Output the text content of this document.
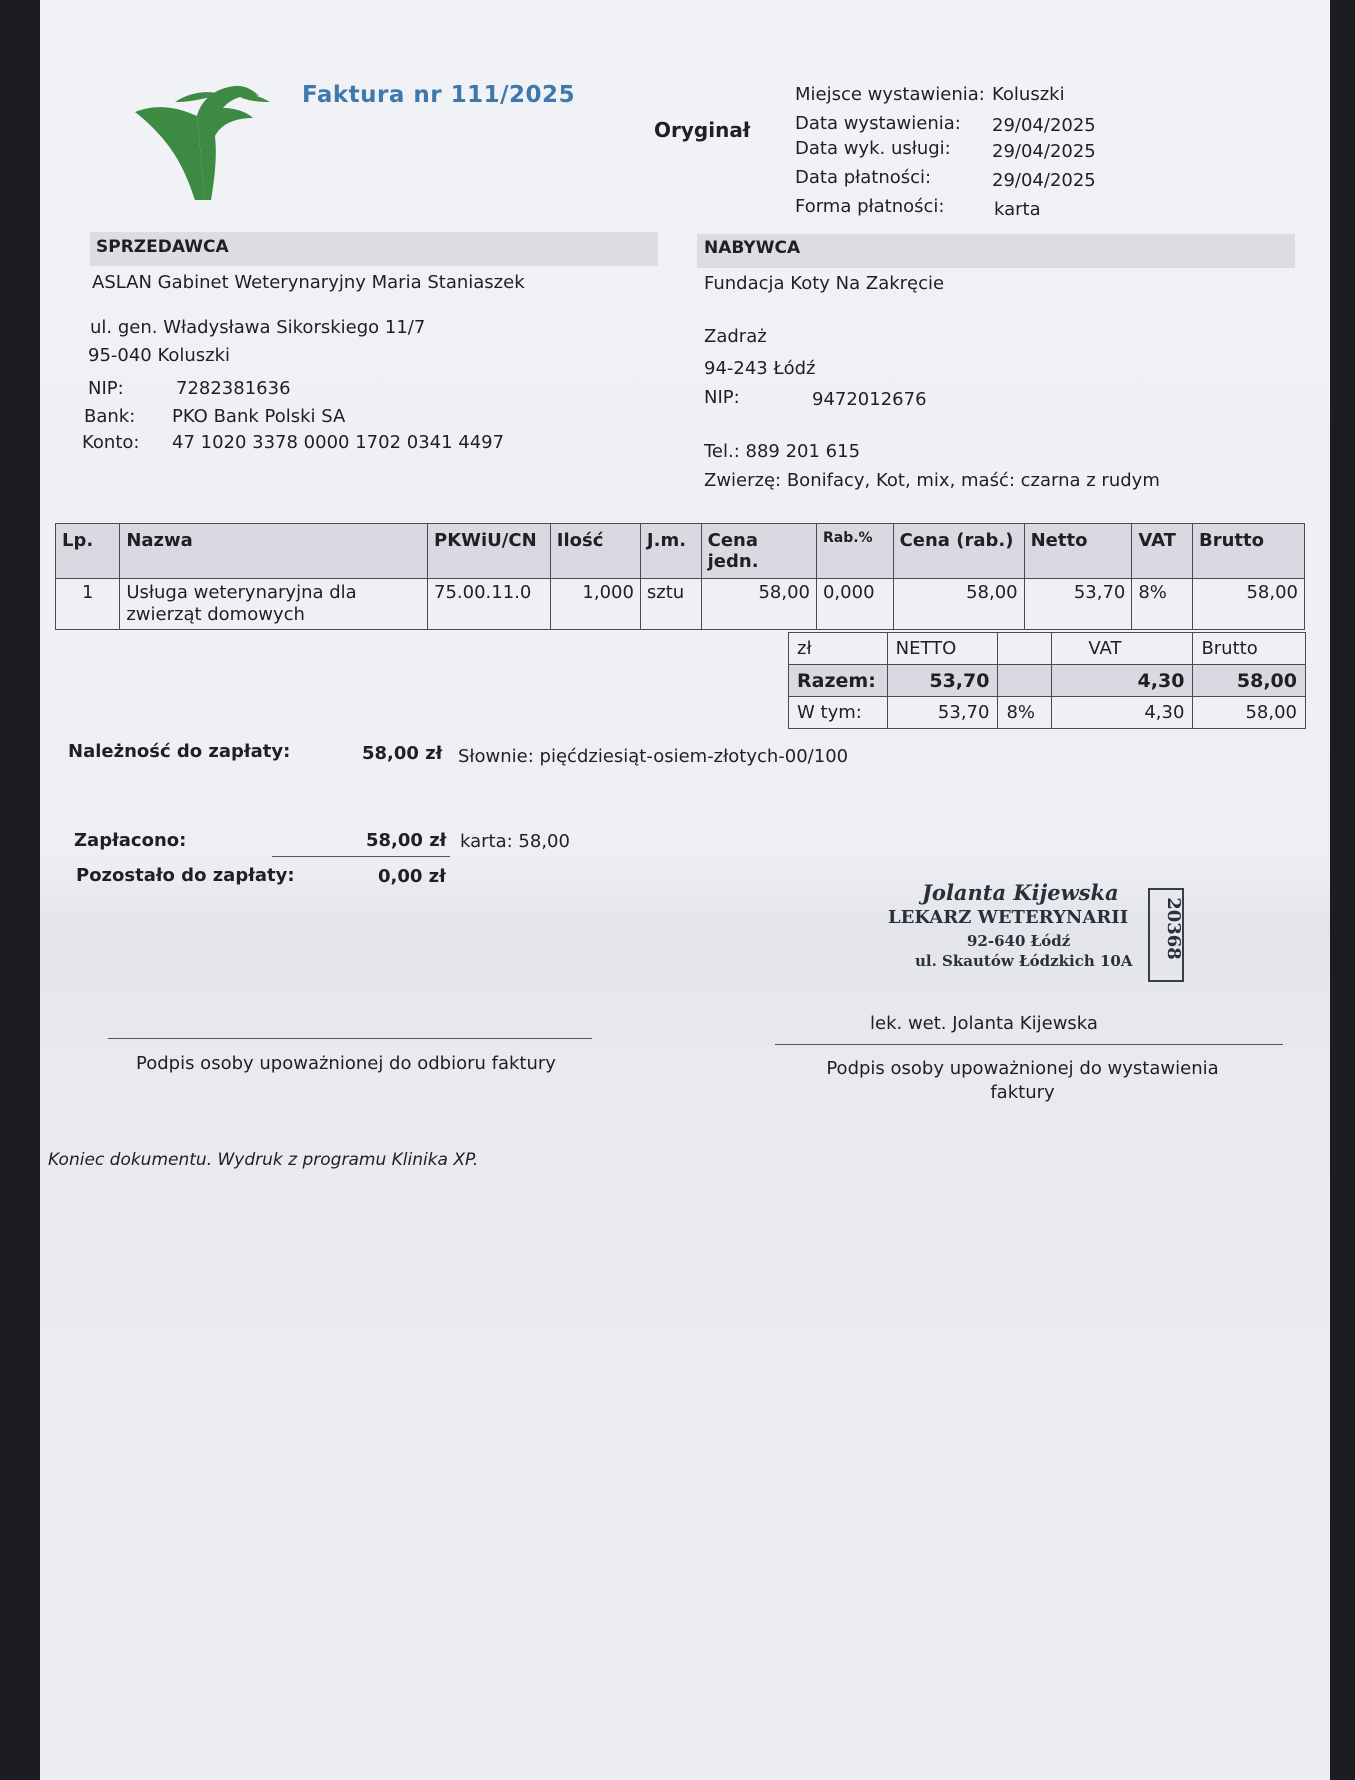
Faktura nr 111/2025
Oryginał
Miejsce wystawienia: Koluszki
Data wystawienia: 29/04/2025
Data wyk. usługi: 29/04/2025
Data płatności:	29/04/2025
Forma płatności:	karta
SPRZEDAWCA
ASLAN Gabinet Weterynaryjny Maria Staniaszek
ul. gen. Władysława Sikorskiego 11/7
95-040 Koluszki
NIP:	7282381636
Bank: PKO Bank Polski SA
Konto: 47 1020 3378 0000 1702 0341 4497
NABYWCA
Fundacja Koty Na Zakręcie
Zadraż
94-243 Łódź
NIP:	9472012676
Tel.: 889 201 615
Zwierzę: Bonifacy, Kot, mix, maść: czarna z rudym
Lp.	Nazwa	PKWiU/CN	Ilość	J.m.	Cena jedn.	Rab.%	Cena (rab.)	Netto	VAT	Brutto
1	Usługa weterynaryjna dla zwierząt domowych	75.00.11.0	1,000	sztu	58,00	0,000	58,00	53,70	8%	58,00
zł	NETTO		VAT	Brutto
Razem:	53,70		4,30	58,00
W tym:	53,70	8%	4,30	58,00
Należność do zapłaty:	58,00 zł Słownie: pięćdziesiąt-osiem-złotych-00/100
Zapłacono:	58,00 zł karta: 58,00
Pozostało do zapłaty:	0,00 zł
Jolanta Kijewska
LEKARZ WETERYNARII
92-640 Łódź
ul. Skautów Łódzkich 10A
20368
lek. wet. Jolanta Kijewska
Podpis osoby upoważnionej do odbioru faktury	Podpis osoby upoważnionej do wystawienia faktury
Koniec dokumentu. Wydruk z programu Klinika XP.
